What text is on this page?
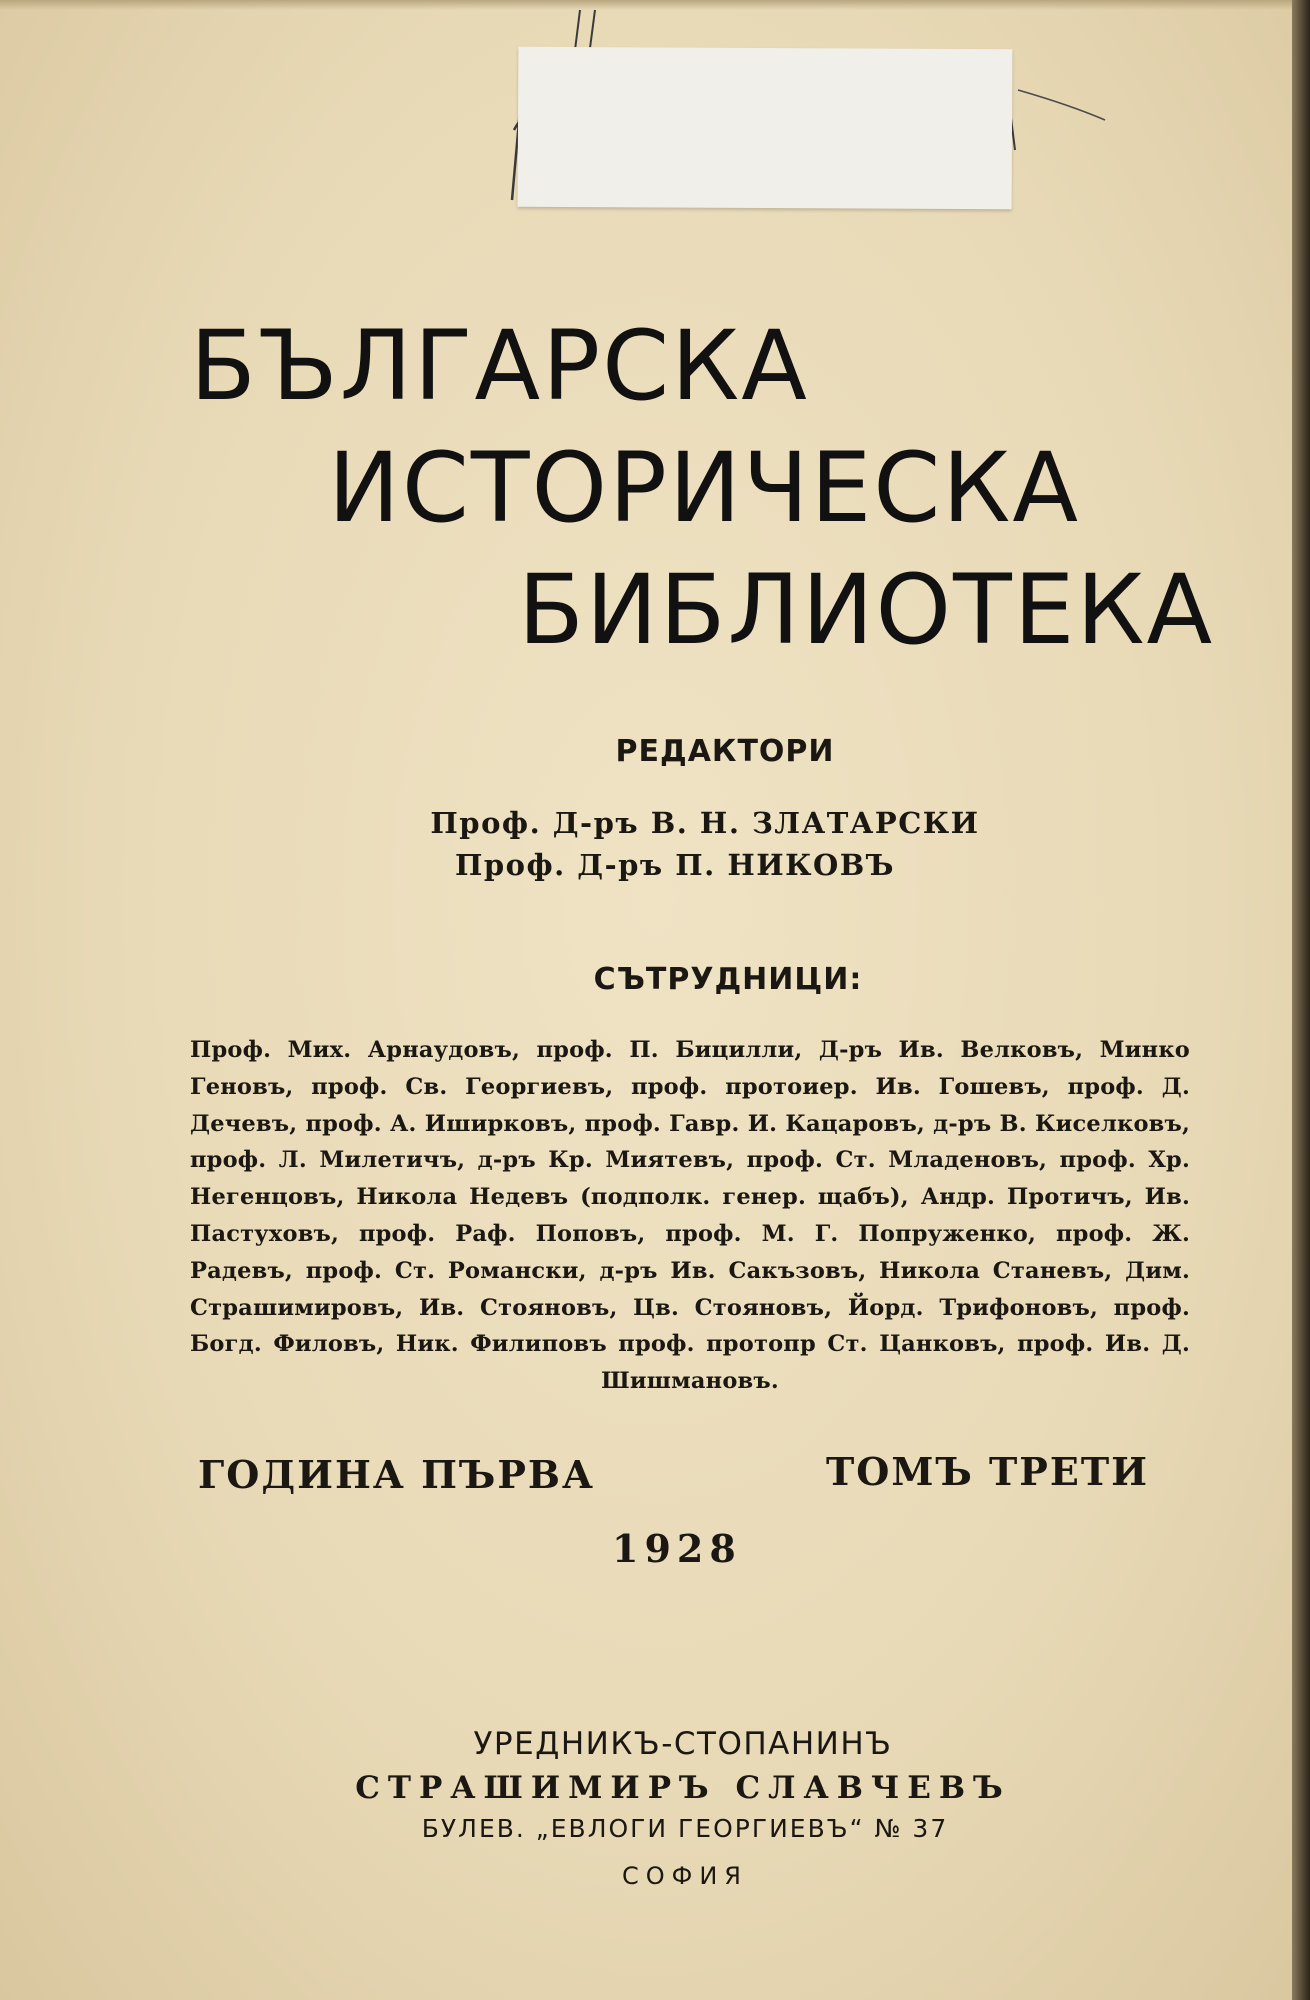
БЪЛГАРСКА
ИСТОРИЧЕСКА
БИБЛИОТЕКА
РЕДАКТОРИ
Проф. Д-ръ В. Н. ЗЛАТАРСКИ
Проф. Д-ръ П. НИКОВЪ
СЪТРУДНИЦИ:
Проф. Мих. Арнаудовъ, проф. П. Бицилли, Д-ръ Ив. Велковъ, Минко Геновъ, проф. Св. Георгиевъ, проф. протоиер. Ив. Гошевъ, проф. Д. Дечевъ, проф. А. Иширковъ, проф. Гавр. И. Кацаровъ, д-ръ В. Киселковъ, проф. Л. Милетичъ, д-ръ Кр. Миятевъ, проф. Ст. Младеновъ, проф. Хр. Негенцовъ, Никола Недевъ (подполк. генер. щабъ), Андр. Протичъ, Ив. Пастуховъ, проф. Раф. Поповъ, проф. М. Г. Попруженко, проф. Ж. Радевъ, проф. Ст. Романски, д-ръ Ив. Сакъзовъ, Никола Станевъ, Дим. Страшимировъ, Ив. Стояновъ, Цв. Стояновъ, Йорд. Трифоновъ, проф. Богд. Филовъ, Ник. Филиповъ проф. протопр Ст. Цанковъ, проф. Ив. Д. Шишмановъ.
ГОДИНА ПЪРВА	ТОМЪ ТРЕТИ
1928
УРЕДНИКЪ-СТОПАНИНЪ
СТРАШИМИРЪ СЛАВЧЕВЪ
БУЛЕВ. „ЕВЛОГИ ГЕОРГИЕВЪ“ № 37
СОФИЯ
